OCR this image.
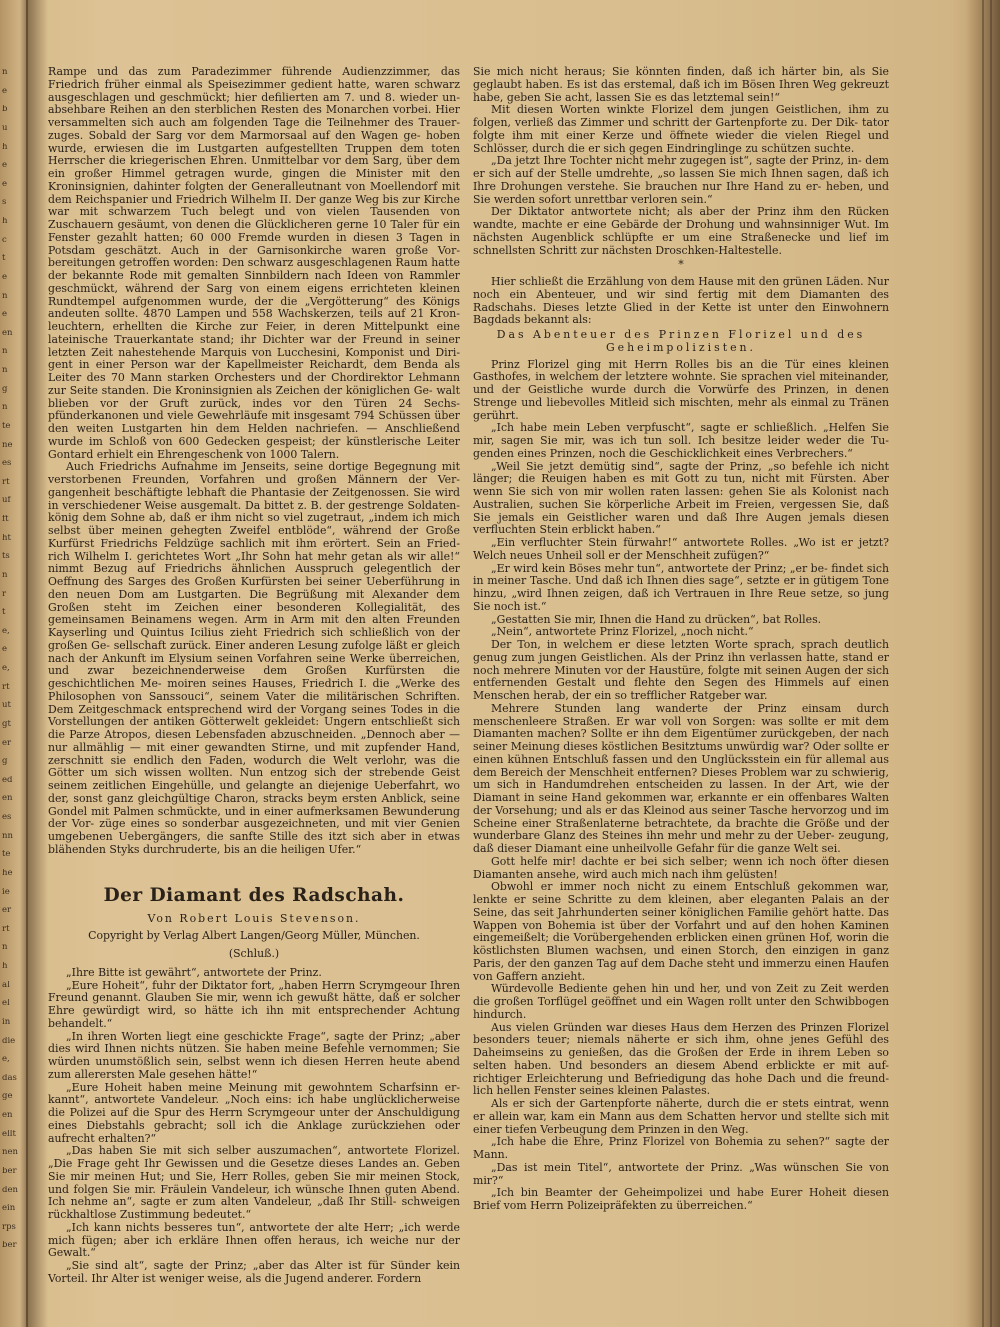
n
e
b
u
h
e
e
s
h
c
t
e
n
e
en
n
n
g
n
te
ne
es
rt
uf
ft
ht
ts
n
r
t
e,
e
e,
rt
ut
gt
er
g
ed
en
es
nn
te
he
ie
er
rt
n
h
al
el
in
die
e,
das
ge
en
ellt
nen
ber
den
ein
rps
ber

Rampe und das zum Paradezimmer führende Audienzzimmer, das Friedrich früher einmal als Speisezimmer gedient hatte, waren schwarz ausgeschlagen und geschmückt; hier defilierten am 7. und 8. wieder un- absehbare Reihen an den sterblichen Resten des Monarchen vorbei. Hier versammelten sich auch am folgenden Tage die Teilnehmer des Trauer- zuges. Sobald der Sarg vor dem Marmorsaal auf den Wagen ge- hoben wurde, erwiesen die im Lustgarten aufgestellten Truppen dem toten Herrscher die kriegerischen Ehren. Unmittelbar vor dem Sarg, über dem ein großer Himmel getragen wurde, gingen die Minister mit den Kroninsignien, dahinter folgten der Generalleutnant von Moellendorf mit dem Reichspanier und Friedrich Wilhelm II. Der ganze Weg bis zur Kirche war mit schwarzem Tuch belegt und von vielen Tausenden von Zuschauern gesäumt, von denen die Glücklicheren gerne 10 Taler für ein Fenster gezahlt hatten; 60 000 Fremde wurden in diesen 3 Tagen in Potsdam geschätzt. Auch in der Garnisonkirche waren große Vor- bereitungen getroffen worden: Den schwarz ausgeschlagenen Raum hatte der bekannte Rode mit gemalten Sinnbildern nach Ideen von Rammler geschmückt, während der Sarg von einem eigens errichteten kleinen Rundtempel aufgenommen wurde, der die „Vergötterung“ des Königs andeuten sollte. 4870 Lampen und 558 Wachskerzen, teils auf 21 Kron- leuchtern, erhellten die Kirche zur Feier, in deren Mittelpunkt eine lateinische Trauerkantate stand; ihr Dichter war der Freund in seiner letzten Zeit nahestehende Marquis von Lucchesini, Komponist und Diri- gent in einer Person war der Kapellmeister Reichardt, dem Benda als Leiter des 70 Mann starken Orchesters und der Chordirektor Lehmann zur Seite standen. Die Kroninsignien als Zeichen der königlichen Ge- walt blieben vor der Gruft zurück, indes vor den Türen 24 Sechs- pfünderkanonen und viele Gewehrläufe mit insgesamt 794 Schüssen über den weiten Lustgarten hin dem Helden nachriefen. — Anschließend wurde im Schloß von 600 Gedecken gespeist; der künstlerische Leiter Gontard erhielt ein Ehrengeschenk von 1000 Talern.

Auch Friedrichs Aufnahme im Jenseits, seine dortige Begegnung mit verstorbenen Freunden, Vorfahren und großen Männern der Ver- gangenheit beschäftigte lebhaft die Phantasie der Zeitgenossen. Sie wird in verschiedener Weise ausgemalt. Da bittet z. B. der gestrenge Soldaten- könig dem Sohne ab, daß er ihm nicht so viel zugetraut, „indem ich mich selbst über meinen gehegten Zweifel entblöde“, während der Große Kurfürst Friedrichs Feldzüge sachlich mit ihm erörtert. Sein an Fried- rich Wilhelm I. gerichtetes Wort „Ihr Sohn hat mehr getan als wir alle!“ nimmt Bezug auf Friedrichs ähnlichen Ausspruch gelegentlich der Oeffnung des Sarges des Großen Kurfürsten bei seiner Ueberführung in den neuen Dom am Lustgarten. Die Begrüßung mit Alexander dem Großen steht im Zeichen einer besonderen Kollegialität, des gemeinsamen Beinamens wegen. Arm in Arm mit den alten Freunden Kayserling und Quintus Icilius zieht Friedrich sich schließlich von der großen Ge- sellschaft zurück. Einer anderen Lesung zufolge läßt er gleich nach der Ankunft im Elysium seinen Vorfahren seine Werke überreichen, und zwar bezeichnenderweise dem Großen Kurfürsten die geschichtlichen Me- moiren seines Hauses, Friedrich I. die „Werke des Philosophen von Sanssouci“, seinem Vater die militärischen Schriften. Dem Zeitgeschmack entsprechend wird der Vorgang seines Todes in die Vorstellungen der antiken Götterwelt gekleidet: Ungern entschließt sich die Parze Atropos, diesen Lebensfaden abzuschneiden. „Dennoch aber — nur allmählig — mit einer gewandten Stirne, und mit zupfender Hand, zerschnitt sie endlich den Faden, wodurch die Welt verlohr, was die Götter um sich wissen wollten. Nun entzog sich der strebende Geist seinem zeitlichen Eingehülle, und gelangte an diejenige Ueberfahrt, wo der, sonst ganz gleichgültige Charon, stracks beym ersten Anblick, seine Gondel mit Palmen schmückte, und in einer aufmerksamen Bewunderung der Vor- züge eines so sonderbar ausgezeichneten, und mit vier Genien umgebenen Uebergängers, die sanfte Stille des itzt sich aber in etwas blähenden Styks durchruderte, bis an die heiligen Ufer.“

Der Diamant des Radschah.
Von Robert Louis Stevenson.
Copyright by Verlag Albert Langen/Georg Müller, München.
(Schluß.)

„Ihre Bitte ist gewährt“, antwortete der Prinz.

„Eure Hoheit“, fuhr der Diktator fort, „haben Herrn Scrymgeour Ihren Freund genannt. Glauben Sie mir, wenn ich gewußt hätte, daß er solcher Ehre gewürdigt wird, so hätte ich ihn mit entsprechender Achtung behandelt.“

„In ihren Worten liegt eine geschickte Frage“, sagte der Prinz; „aber dies wird Ihnen nichts nützen. Sie haben meine Befehle vernommen; Sie würden unumstößlich sein, selbst wenn ich diesen Herren heute abend zum allerersten Male gesehen hätte!“

„Eure Hoheit haben meine Meinung mit gewohntem Scharfsinn er- kannt“, antwortete Vandeleur. „Noch eins: ich habe unglücklicherweise die Polizei auf die Spur des Herrn Scrymgeour unter der Anschuldigung eines Diebstahls gebracht; soll ich die Anklage zurückziehen oder aufrecht erhalten?“

„Das haben Sie mit sich selber auszumachen“, antwortete Florizel. „Die Frage geht Ihr Gewissen und die Gesetze dieses Landes an. Geben Sie mir meinen Hut; und Sie, Herr Rolles, geben Sie mir meinen Stock, und folgen Sie mir. Fräulein Vandeleur, ich wünsche Ihnen guten Abend. Ich nehme an“, sagte er zum alten Vandeleur, „daß Ihr Still- schweigen rückhaltlose Zustimmung bedeutet.“

„Ich kann nichts besseres tun“, antwortete der alte Herr; „ich werde mich fügen; aber ich erkläre Ihnen offen heraus, ich weiche nur der Gewalt.“

„Sie sind alt“, sagte der Prinz; „aber das Alter ist für Sünder kein Vorteil. Ihr Alter ist weniger weise, als die Jugend anderer. Fordern

Sie mich nicht heraus; Sie könnten finden, daß ich härter bin, als Sie geglaubt haben. Es ist das erstemal, daß ich im Bösen Ihren Weg gekreuzt habe, geben Sie acht, lassen Sie es das letztemal sein!“

Mit diesen Worten winkte Florizel dem jungen Geistlichen, ihm zu folgen, verließ das Zimmer und schritt der Gartenpforte zu. Der Dik- tator folgte ihm mit einer Kerze und öffnete wieder die vielen Riegel und Schlösser, durch die er sich gegen Eindringlinge zu schützen suchte.

„Da jetzt Ihre Tochter nicht mehr zugegen ist“, sagte der Prinz, in- dem er sich auf der Stelle umdrehte, „so lassen Sie mich Ihnen sagen, daß ich Ihre Drohungen verstehe. Sie brauchen nur Ihre Hand zu er- heben, und Sie werden sofort unrettbar verloren sein.“

Der Diktator antwortete nicht; als aber der Prinz ihm den Rücken wandte, machte er eine Gebärde der Drohung und wahnsinniger Wut. Im nächsten Augenblick schlüpfte er um eine Straßenecke und lief im schnellsten Schritt zur nächsten Droschken-Haltestelle.

*

Hier schließt die Erzählung von dem Hause mit den grünen Läden. Nur noch ein Abenteuer, und wir sind fertig mit dem Diamanten des Radschahs. Dieses letzte Glied in der Kette ist unter den Einwohnern Bagdads bekannt als:

Das Abenteuer des Prinzen Florizel und des Geheimpolizisten.

Prinz Florizel ging mit Herrn Rolles bis an die Tür eines kleinen Gasthofes, in welchem der letztere wohnte. Sie sprachen viel miteinander, und der Geistliche wurde durch die Vorwürfe des Prinzen, in denen Strenge und liebevolles Mitleid sich mischten, mehr als einmal zu Tränen gerührt.

„Ich habe mein Leben verpfuscht“, sagte er schließlich. „Helfen Sie mir, sagen Sie mir, was ich tun soll. Ich besitze leider weder die Tu- genden eines Prinzen, noch die Geschicklichkeit eines Verbrechers.“

„Weil Sie jetzt demütig sind“, sagte der Prinz, „so befehle ich nicht länger; die Reuigen haben es mit Gott zu tun, nicht mit Fürsten. Aber wenn Sie sich von mir wollen raten lassen: gehen Sie als Kolonist nach Australien, suchen Sie körperliche Arbeit im Freien, vergessen Sie, daß Sie jemals ein Geistlicher waren und daß Ihre Augen jemals diesen verfluchten Stein erblickt haben.“

„Ein verfluchter Stein fürwahr!“ antwortete Rolles. „Wo ist er jetzt? Welch neues Unheil soll er der Menschheit zufügen?“

„Er wird kein Böses mehr tun“, antwortete der Prinz; „er be- findet sich in meiner Tasche. Und daß ich Ihnen dies sage“, setzte er in gütigem Tone hinzu, „wird Ihnen zeigen, daß ich Vertrauen in Ihre Reue setze, so jung Sie noch ist.“

„Gestatten Sie mir, Ihnen die Hand zu drücken“, bat Rolles.

„Nein“, antwortete Prinz Florizel, „noch nicht.“

Der Ton, in welchem er diese letzten Worte sprach, sprach deutlich genug zum jungen Geistlichen. Als der Prinz ihn verlassen hatte, stand er noch mehrere Minuten vor der Haustüre, folgte mit seinen Augen der sich entfernenden Gestalt und flehte den Segen des Himmels auf einen Menschen herab, der ein so trefflicher Ratgeber war.

Mehrere Stunden lang wanderte der Prinz einsam durch menschenleere Straßen. Er war voll von Sorgen: was sollte er mit dem Diamanten machen? Sollte er ihn dem Eigentümer zurückgeben, der nach seiner Meinung dieses köstlichen Besitztums unwürdig war? Oder sollte er einen kühnen Entschluß fassen und den Unglücksstein ein für allemal aus dem Bereich der Menschheit entfernen? Dieses Problem war zu schwierig, um sich in Handumdrehen entscheiden zu lassen. In der Art, wie der Diamant in seine Hand gekommen war, erkannte er ein offenbares Walten der Vorsehung; und als er das Kleinod aus seiner Tasche hervorzog und im Scheine einer Straßenlaterne betrachtete, da brachte die Größe und der wunderbare Glanz des Steines ihn mehr und mehr zu der Ueber- zeugung, daß dieser Diamant eine unheilvolle Gefahr für die ganze Welt sei.

Gott helfe mir! dachte er bei sich selber; wenn ich noch öfter diesen Diamanten ansehe, wird auch mich nach ihm gelüsten!

Obwohl er immer noch nicht zu einem Entschluß gekommen war, lenkte er seine Schritte zu dem kleinen, aber eleganten Palais an der Seine, das seit Jahrhunderten seiner königlichen Familie gehört hatte. Das Wappen von Bohemia ist über der Vorfahrt und auf den hohen Kaminen eingemeißelt; die Vorübergehenden erblicken einen grünen Hof, worin die köstlichsten Blumen wachsen, und einen Storch, den einzigen in ganz Paris, der den ganzen Tag auf dem Dache steht und immerzu einen Haufen von Gaffern anzieht.

Würdevolle Bediente gehen hin und her, und von Zeit zu Zeit werden die großen Torflügel geöffnet und ein Wagen rollt unter den Schwibbogen hindurch.

Aus vielen Gründen war dieses Haus dem Herzen des Prinzen Florizel besonders teuer; niemals näherte er sich ihm, ohne jenes Gefühl des Daheimseins zu genießen, das die Großen der Erde in ihrem Leben so selten haben. Und besonders an diesem Abend erblickte er mit auf- richtiger Erleichterung und Befriedigung das hohe Dach und die freund- lich hellen Fenster seines kleinen Palastes.

Als er sich der Gartenpforte näherte, durch die er stets eintrat, wenn er allein war, kam ein Mann aus dem Schatten hervor und stellte sich mit einer tiefen Verbeugung dem Prinzen in den Weg.

„Ich habe die Ehre, Prinz Florizel von Bohemia zu sehen?“ sagte der Mann.

„Das ist mein Titel“, antwortete der Prinz. „Was wünschen Sie von mir?“

„Ich bin Beamter der Geheimpolizei und habe Eurer Hoheit diesen Brief vom Herrn Polizeipräfekten zu überreichen.“
